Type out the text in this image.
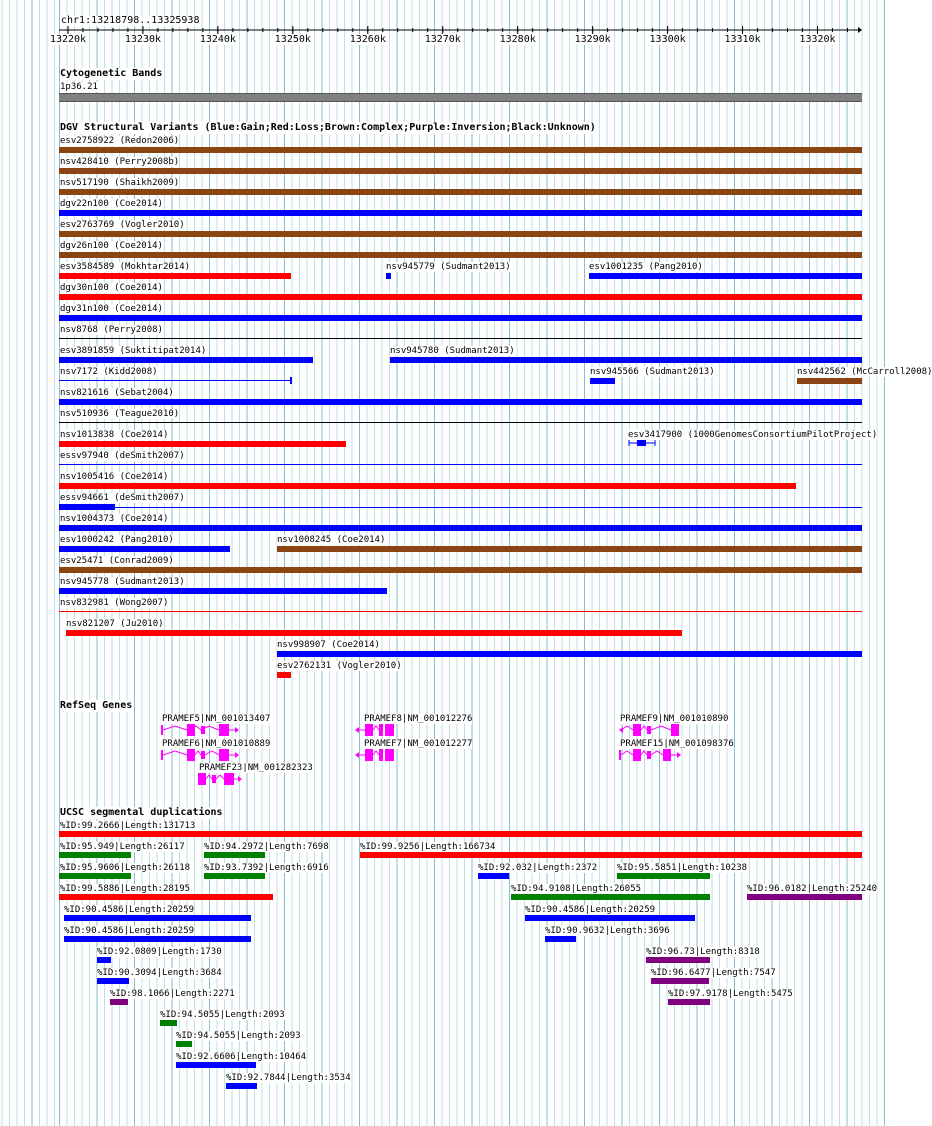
chr1:13218798..13325938
13220k	13230k	13240k	13250k	13260k	13270k	13280k	13290k	13300k	13310k	13320k
Cytogenetic Bands
1p36.21
DGV Structural Variants (Blue:Gain;Red:Loss;Brown:Complex;Purple:Inversion;Black:Unknown)
esv2758922 (Redon2006)
nsv428410 (Perry2008b)
nsv517190 (Shaikh2009)
dgv22n100 (Coe2014)
esv2763769 (Vogler2010)
dgv26n100 (Coe2014)
esv3584589 (Mokhtar2014)	nsv945779 (Sudmant2013)	esv1001235 (Pang2010)
dgv30n100 (Coe2014)
dgv31n100 (Coe2014)
nsv8768 (Perry2008)
esv3891859 (Suktitipat2014)	nsv945780 (Sudmant2013)
nsv7172 (Kidd2008)	nsv945566 (Sudmant2013)	nsv442562 (McCarroll2008)
nsv821616 (Sebat2004)
nsv510936 (Teague2010)
nsv1013838 (Coe2014)	esv3417900 (1000GenomesConsortiumPilotProject)
essv97940 (deSmith2007)
nsv1005416 (Coe2014)
essv94661 (deSmith2007)
nsv1004373 (Coe2014)
esv1000242 (Pang2010)	nsv1008245 (Coe2014)
esv25471 (Conrad2009)
nsv945778 (Sudmant2013)
nsv832981 (Wong2007)
nsv821207 (Ju2010)
nsv998907 (Coe2014)
esv2762131 (Vogler2010)
RefSeq Genes
PRAMEF5|NM_001013407	PRAMEF8|NM_001012276	PRAMEF9|NM_001010890
PRAMEF6|NM_001010889	PRAMEF7|NM_001012277	PRAMEF15|NM_001098376
PRAMEF23|NM_001282323
UCSC segmental duplications
%ID:99.2666|Length:131713
%ID:95.949|Length:26117 %ID:94.2972|Length:7698	%ID:99.9256|Length:166734
%ID:95.9606|Length:26118 %ID:93.7392|Length:6916	%ID:92.032|Length:2372 %ID:95.5851|Length:10238
%ID:99.5886|Length:28195	%ID:94.9108|Length:26055	%ID:96.0182|Length:25240
%ID:90.4586|Length:20259	%ID:90.4586|Length:20259
%ID:90.4586|Length:20259	%ID:90.9632|Length:3696
%ID:92.0809|Length:1730	%ID:96.73|Length:8318
%ID:90.3094|Length:3684	%ID:96.6477|Length:7547
%ID:98.1066|Length:2271	%ID:97.9178|Length:5475
%ID:94.5055|Length:2093
%ID:94.5055|Length:2093
%ID:92.6606|Length:10464
%ID:92.7844|Length:3534
